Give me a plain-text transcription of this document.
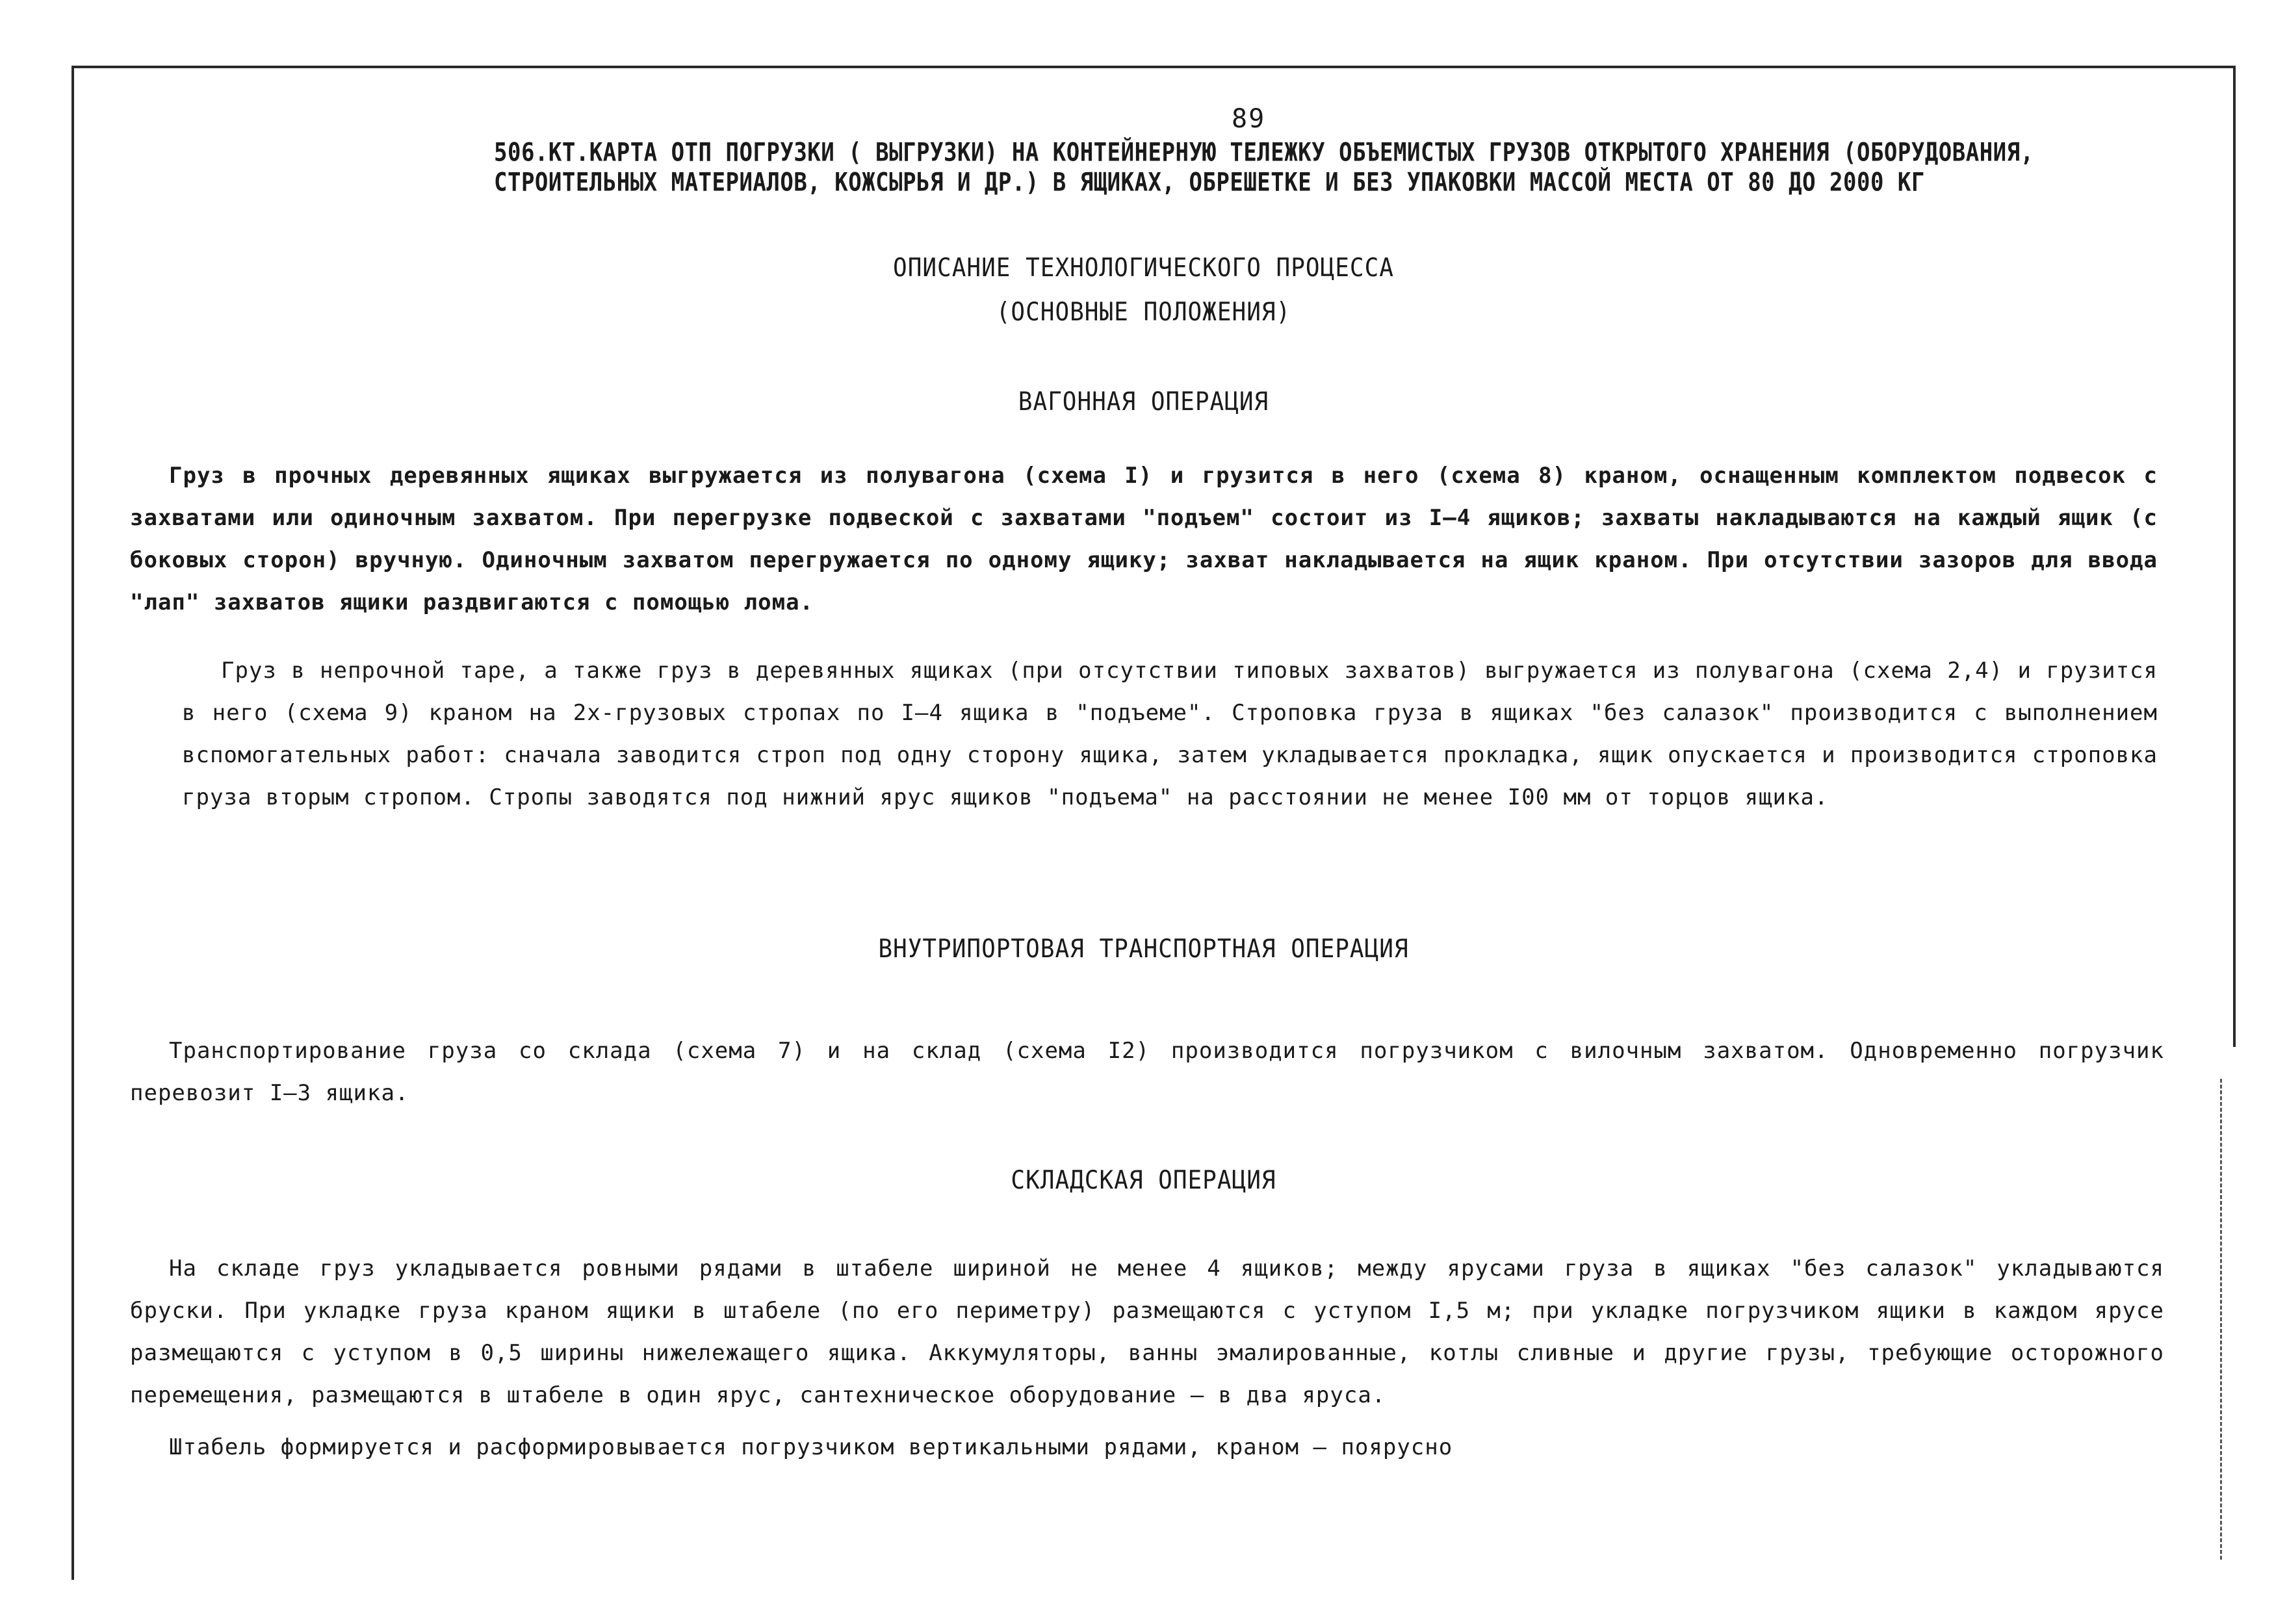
89
506.КТ.КАРТА ОТП ПОГРУЗКИ ( ВЫГРУЗКИ) НА КОНТЕЙНЕРНУЮ ТЕЛЕЖКУ ОБЪЕМИСТЫХ ГРУЗОВ ОТКРЫТОГО ХРАНЕНИЯ (ОБОРУДОВАНИЯ,
СТРОИТЕЛЬНЫХ МАТЕРИАЛОВ, КОЖСЫРЬЯ И ДР.) В ЯЩИКАХ, ОБРЕШЕТКЕ И БЕЗ УПАКОВКИ МАССОЙ МЕСТА ОТ 80 ДО 2000 КГ
ОПИСАНИЕ ТЕХНОЛОГИЧЕСКОГО ПРОЦЕССА
(ОСНОВНЫЕ ПОЛОЖЕНИЯ)
ВАГОННАЯ ОПЕРАЦИЯ
Груз в прочных деревянных ящиках выгружается из полувагона (схема I) и грузится в него (схема 8) краном, оснащенным комплектом подвесок с захватами или одиночным захватом. При перегрузке подвеской с захватами "подъем" состоит из I–4 ящиков; захваты накладываются на каждый ящик (с боковых сторон) вручную. Одиночным захватом перегружается по одному ящику; захват накладывается на ящик краном. При отсутствии зазоров для ввода "лап" захватов ящики раздвигаются с помощью лома.
Груз в непрочной таре, а также груз в деревянных ящиках (при отсутствии типовых захватов) выгружается из полувагона (схема 2,4) и грузится в него (схема 9) краном на 2х-грузовых стропах по I–4 ящика в "подъеме". Строповка груза в ящиках "без салазок" производится с выполнением вспомогательных работ: сначала заводится строп под одну сторону ящика, затем укладывается прокладка, ящик опускается и производится строповка груза вторым стропом. Стропы заводятся под нижний ярус ящиков "подъема" на расстоянии не менее I00 мм от торцов ящика.
ВНУТРИПОРТОВАЯ ТРАНСПОРТНАЯ ОПЕРАЦИЯ
Транспортирование груза со склада (схема 7) и на склад (схема I2) производится погрузчиком с вилочным захватом. Одновременно погрузчик перевозит I–3 ящика.
СКЛАДСКАЯ ОПЕРАЦИЯ
На складе груз укладывается ровными рядами в штабеле шириной не менее 4 ящиков; между ярусами груза в ящиках "без салазок" укладываются бруски. При укладке груза краном ящики в штабеле (по его периметру) размещаются с уступом I,5 м; при укладке погрузчиком ящики в каждом ярусе размещаются с уступом в 0,5 ширины нижележащего ящика. Аккумуляторы, ванны эмалированные, котлы сливные и другие грузы, требующие осторожного перемещения, размещаются в штабеле в один ярус, сантехническое оборудование – в два яруса.
Штабель формируется и расформировывается погрузчиком вертикальными рядами, краном – поярусно
